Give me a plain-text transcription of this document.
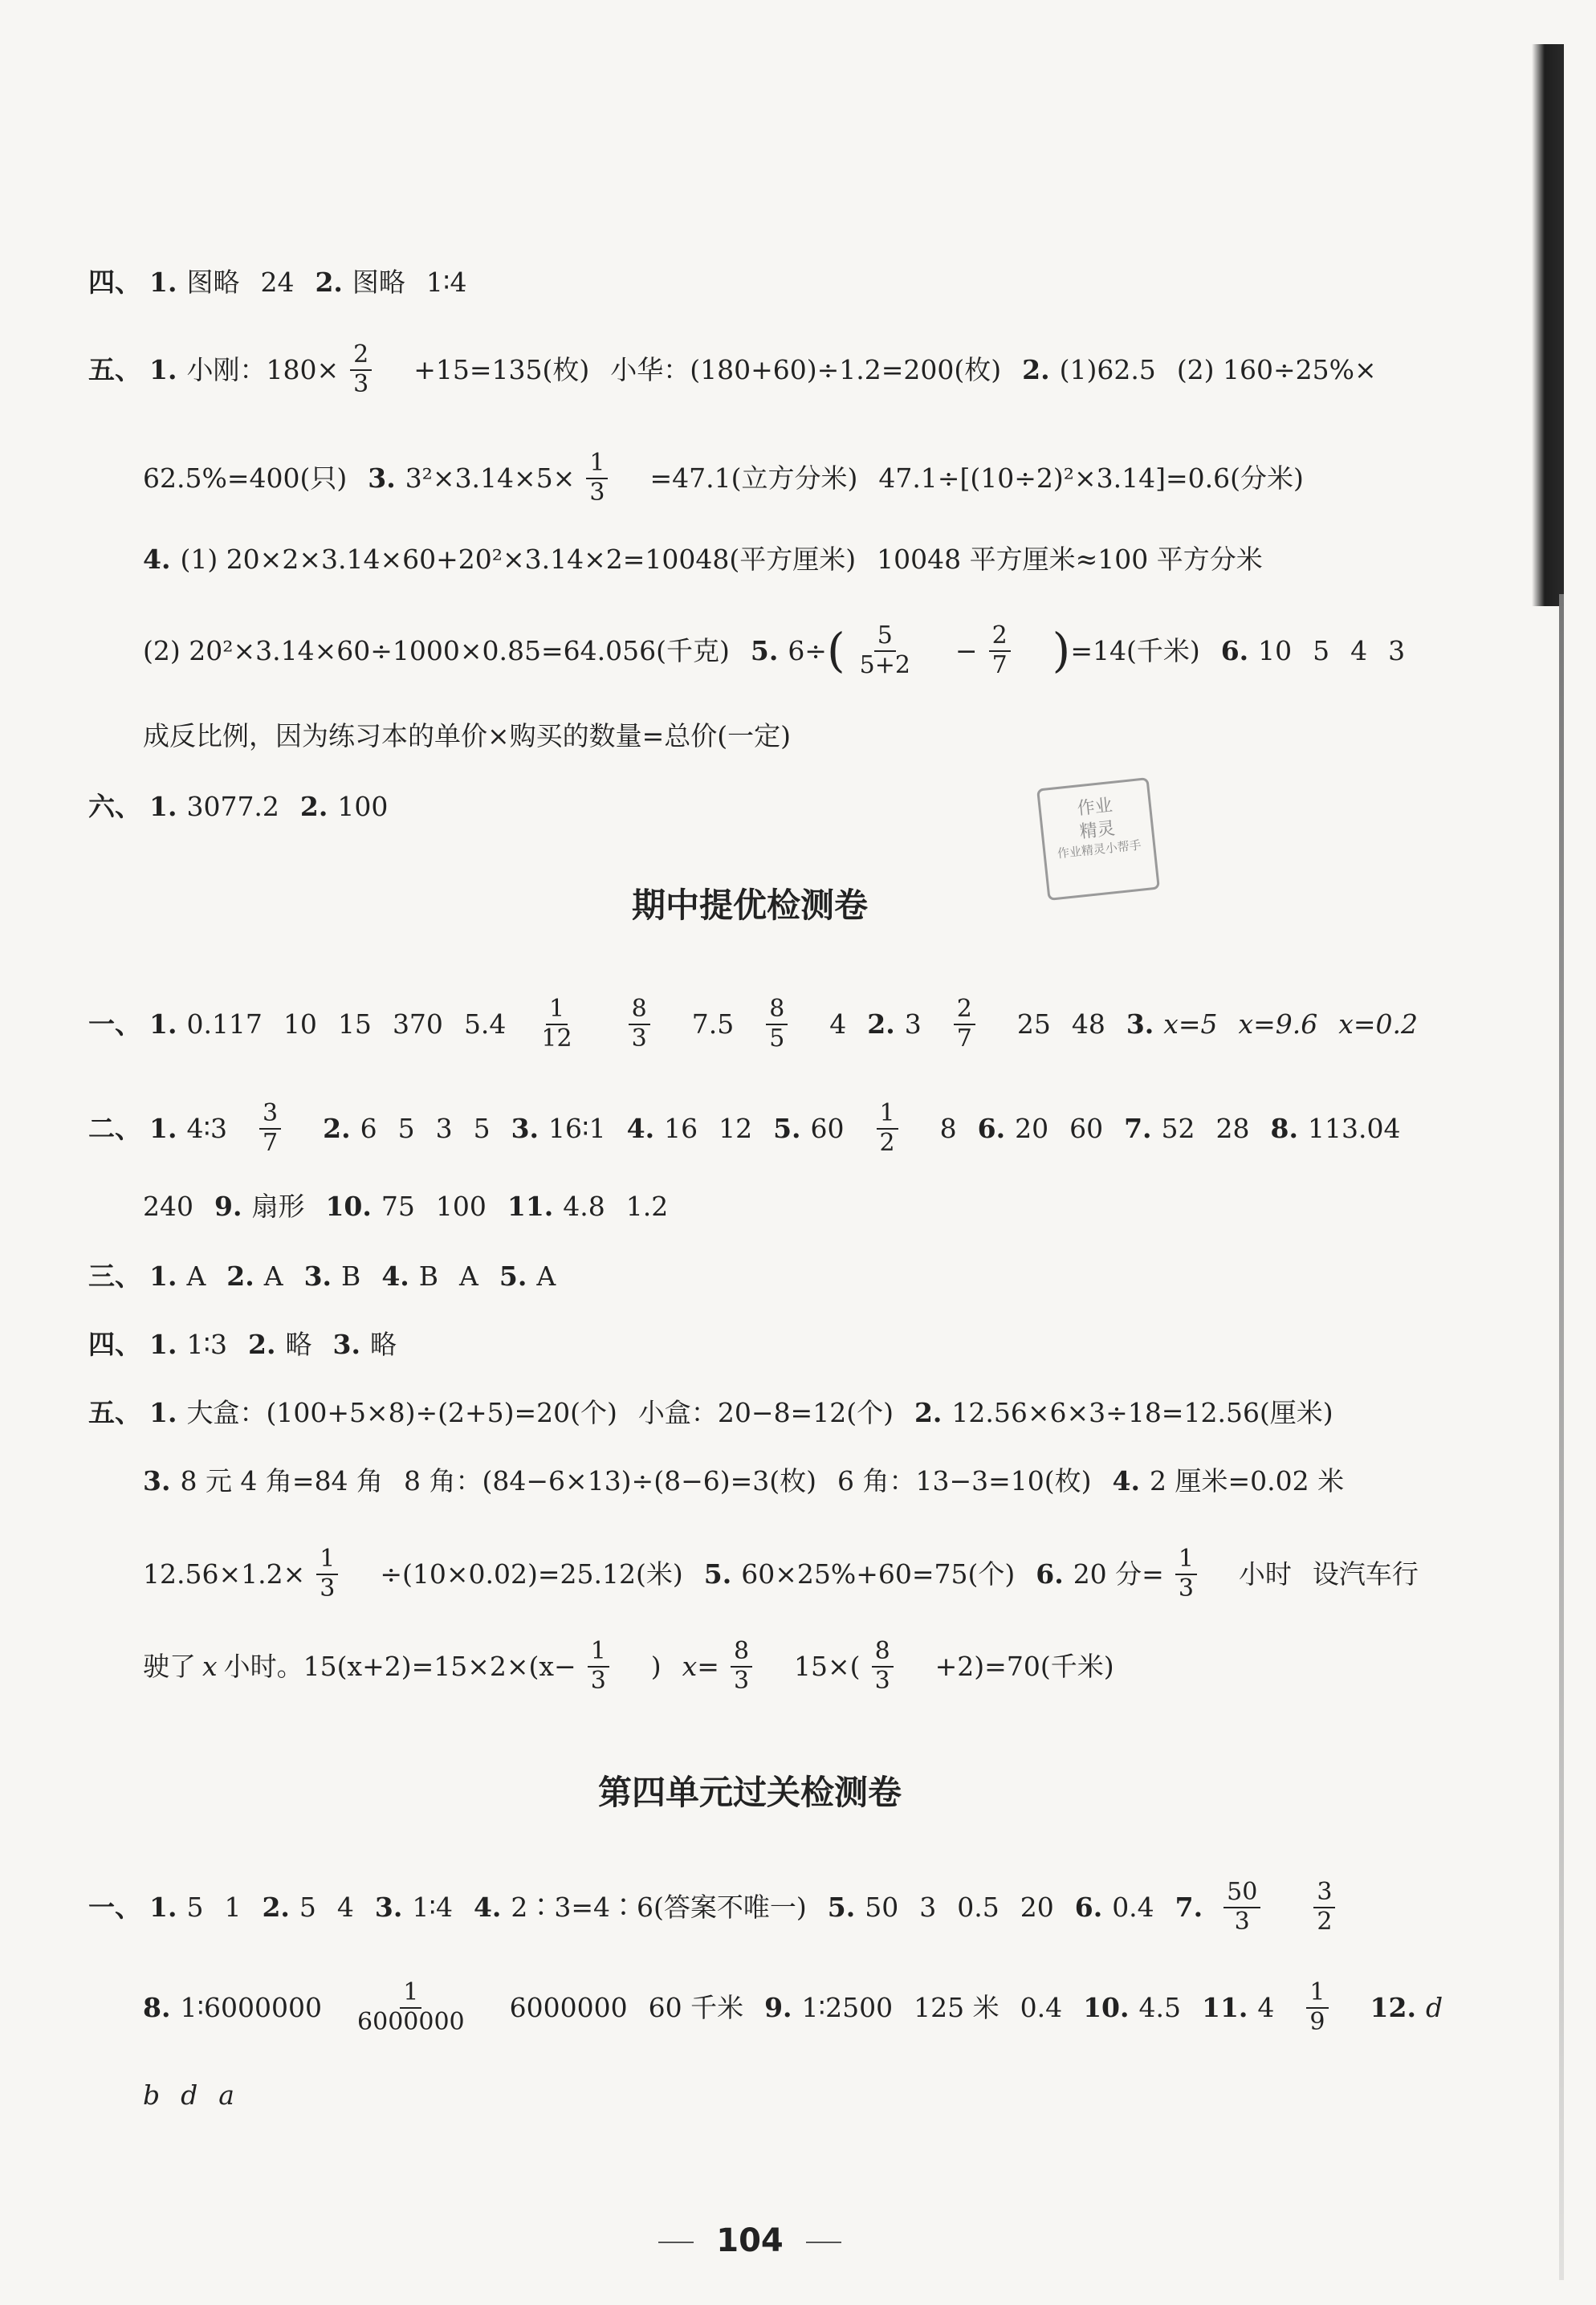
四、 1. 图略 24 2. 图略 1∶4
五、 1. 小刚：$180\times \frac{2}{3} +15=135$(枚) 小华：(180+60)÷1.2=200(枚) 2. (1)62.5 (2) 160÷25%×
62.5%=400(只) 3. $3^2\times 3.14\times 5\times \frac{1}{3} =47.1$(立方分米) 47.1÷[(10÷2)²×3.14]=0.6(分米)
4. (1) 20×2×3.14×60+20²×3.14×2=10048(平方厘米) 10048 平方厘米≈100 平方分米
(2) 20²×3.14×60÷1000×0.85=64.056(千克) 5. 6÷ ( $\frac{5}{5+2} - \frac{2}{7}$ ) =14(千米) 6. 10 5 4 3
成反比例，因为练习本的单价×购买的数量=总价(一定)
六、 1. 3077.2 2. 100	作业
精灵
作业精灵小帮手
期中提优检测卷
一、 1. 0.117 10 15 370 $5.4 \frac{1}{12} \frac{8}{3} 7.5 \frac{8}{5} 4$ 2. $3 \frac{2}{7} 25$ 48 3. x=5 x=9.6 x=0.2
二、 1. 4∶3 $\frac{3}{7} 2$. 6 5 3 5 3. 16∶1 4. 16 12 5. $60 \frac{1}{2} 8$ 6. 20 60 7. 52 28 8. 113.04
240 9. 扇形 10. 75 100 11. 4.8 1.2
三、 1. A 2. A 3. B 4. B A 5. A
四、 1. 1∶3 2. 略 3. 略
五、 1. 大盒：(100+5×8)÷(2+5)=20(个) 小盒：20−8=12(个) 2. 12.56×6×3÷18=12.56(厘米)
3. 8 元 4 角=84 角 8 角：(84−6×13)÷(8−6)=3(枚) 6 角：13−3=10(枚) 4. 2 厘米=0.02 米
$12.56\times 1.2\times \frac{1}{3} \div(10\times 0.02)=25.12$(米) 5. 60×25%+60=75(个) 6. 20 分= $\frac{1}{3}$ 小时 设汽车行
驶了 x 小时。$15(x+2)=15\times 2\times(x- \frac{1}{3}$ ) $x= \frac{8}{3} 15\times( \frac{8}{3} +2)=70$(千米)
第四单元过关检测卷
一、 1. 5 1 2. 5 4 3. 1∶4 4. 2∶3=4∶6(答案不唯一) 5. 50 3 0.5 20 6. 0.4 7. $\frac{50}{3} \frac{3}{2}$
8. 1∶6000000 $\frac{1}{6000000} 6000000$ 60 千米 9. 1∶2500 125 米 0.4 10. 4.5 11. $4 \frac{1}{9} 12$. d
b d a
104
